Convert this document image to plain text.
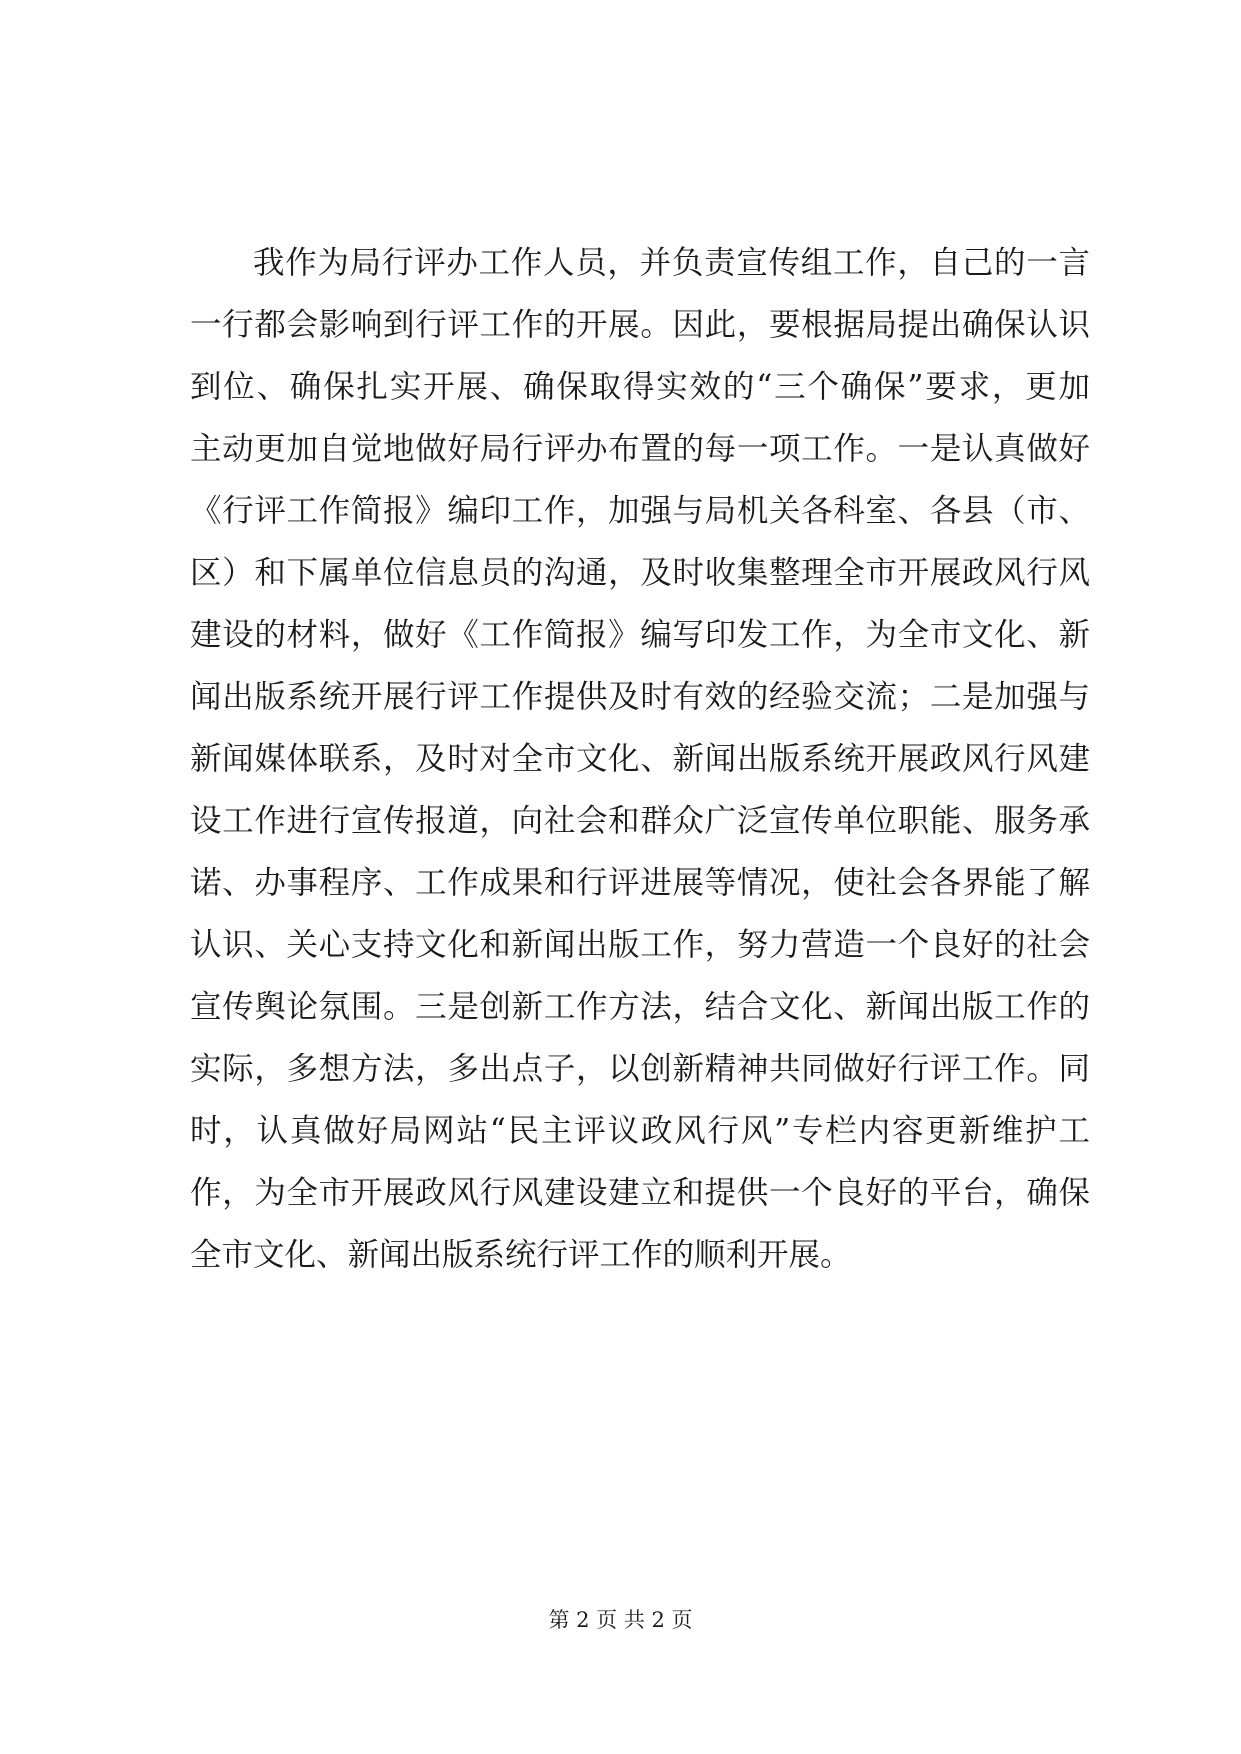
我作为局行评办工作人员，并负责宣传组工作，自己的一言
一行都会影响到行评工作的开展。因此，要根据局提出确保认识
到位、确保扎实开展、确保取得实效的“三个确保”要求，更加
主动更加自觉地做好局行评办布置的每一项工作。一是认真做好
《行评工作简报》编印工作，加强与局机关各科室、各县（市、
区）和下属单位信息员的沟通，及时收集整理全市开展政风行风
建设的材料，做好《工作简报》编写印发工作，为全市文化、新
闻出版系统开展行评工作提供及时有效的经验交流；二是加强与
新闻媒体联系，及时对全市文化、新闻出版系统开展政风行风建
设工作进行宣传报道，向社会和群众广泛宣传单位职能、服务承
诺、办事程序、工作成果和行评进展等情况，使社会各界能了解
认识、关心支持文化和新闻出版工作，努力营造一个良好的社会
宣传舆论氛围。三是创新工作方法，结合文化、新闻出版工作的
实际，多想方法，多出点子，以创新精神共同做好行评工作。同
时，认真做好局网站“民主评议政风行风”专栏内容更新维护工
作，为全市开展政风行风建设建立和提供一个良好的平台，确保
全市文化、新闻出版系统行评工作的顺利开展。
第 2 页 共 2 页
